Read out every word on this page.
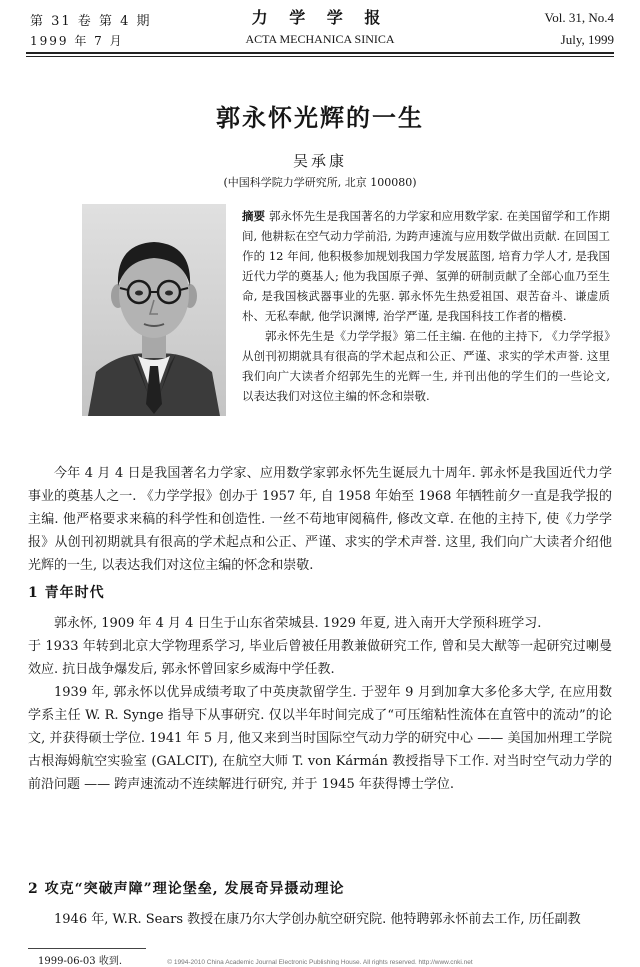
第 31 卷 第 4 期
1999 年 7 月
力 学 学 报
ACTA MECHANICA SINICA
Vol. 31, No.4
July, 1999
郭永怀光辉的一生
吴承康
(中国科学院力学研究所, 北京 100080)

摘要 郭永怀先生是我国著名的力学家和应用数学家. 在美国留学和工作期间, 他耕耘在空气动力学前沿, 为跨声速流与应用数学做出贡献. 在回国工作的 12 年间, 他积极参加规划我国力学发展蓝图, 培育力学人才, 是我国近代力学的奠基人; 他为我国原子弹、氢弹的研制贡献了全部心血乃至生命, 是我国核武器事业的先驱. 郭永怀先生热爱祖国、艰苦奋斗、谦虚质朴、无私奉献, 他学识渊博, 治学严谨, 是我国科技工作者的楷模.

郭永怀先生是《力学学报》第二任主编. 在他的主持下, 《力学学报》从创刊初期就具有很高的学术起点和公正、严谨、求实的学术声誉. 这里我们向广大读者介绍郭先生的光辉一生, 并刊出他的学生们的一些论文, 以表达我们对这位主编的怀念和崇敬.

今年 4 月 4 日是我国著名力学家、应用数学家郭永怀先生诞辰九十周年. 郭永怀是我国近代力学事业的奠基人之一. 《力学学报》创办于 1957 年, 自 1958 年始至 1968 年牺牲前夕一直是我学报的主编. 他严格要求来稿的科学性和创造性. 一丝不苟地审阅稿件, 修改文章. 在他的主持下, 使《力学学报》从创刊初期就具有很高的学术起点和公正、严谨、求实的学术声誉. 这里, 我们向广大读者介绍他光辉的一生, 以表达我们对这位主编的怀念和崇敬.

1 青年时代

郭永怀, 1909 年 4 月 4 日生于山东省荣城县. 1929 年夏, 进入南开大学预科班学习.

于 1933 年转到北京大学物理系学习, 毕业后曾被任用教兼做研究工作, 曾和吴大猷等一起研究过喇曼效应. 抗日战争爆发后, 郭永怀曾回家乡威海中学任教.

1939 年, 郭永怀以优异成绩考取了中英庚款留学生. 于翌年 9 月到加拿大多伦多大学, 在应用数学系主任 W. R. Synge 指导下从事研究. 仅以半年时间完成了“可压缩粘性流体在直管中的流动”的论文, 并获得硕士学位. 1941 年 5 月, 他又来到当时国际空气动力学的研究中心 —— 美国加州理工学院古根海姆航空实验室 (GALCIT), 在航空大师 T. von Kármán 教授指导下工作. 对当时空气动力学的前沿问题 —— 跨声速流动不连续解进行研究, 并于 1945 年获得博士学位.

2 攻克“突破声障”理论堡垒, 发展奇异摄动理论

1946 年, W.R. Sears 教授在康乃尔大学创办航空研究院. 他特聘郭永怀前去工作, 历任副教

1999-06-03 收到.	© 1994-2010 China Academic Journal Electronic Publishing House. All rights reserved. http://www.cnki.net
